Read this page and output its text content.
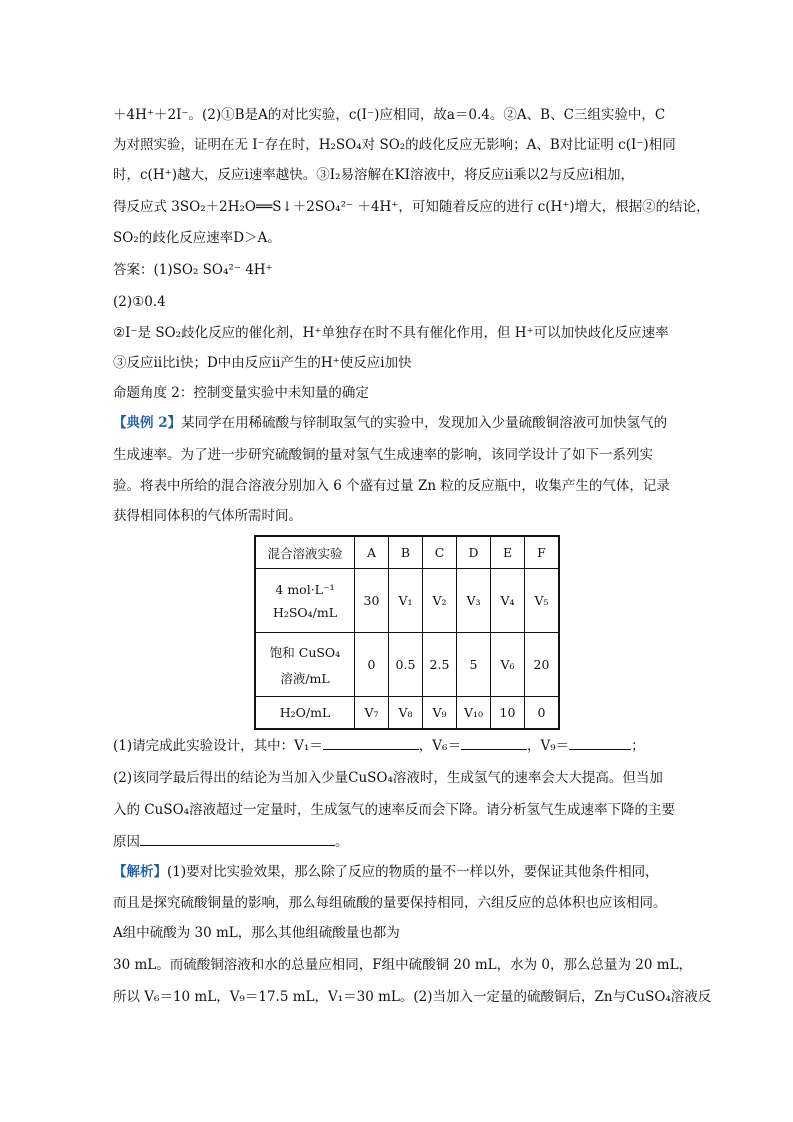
＋4H⁺＋2I⁻。(2)①B是A的对比实验，c(I⁻)应相同，故a＝0.4。②A、B、C三组实验中，C
为对照实验，证明在无 I⁻存在时，H₂SO₄对 SO₂的歧化反应无影响；A、B对比证明 c(I⁻)相同
时，c(H⁺)越大，反应ⅰ速率越快。③I₂易溶解在KI溶液中，将反应ⅱ乘以2与反应ⅰ相加，
得反应式 3SO₂＋2H₂O══S↓＋2SO₄²⁻ ＋4H⁺，可知随着反应的进行 c(H⁺)增大，根据②的结论，
SO₂的歧化反应速率D＞A。
答案：(1)SO₂ SO₄²⁻ 4H⁺
(2)①0.4
②I⁻是 SO₂歧化反应的催化剂，H⁺单独存在时不具有催化作用，但 H⁺可以加快歧化反应速率
③反应ⅱ比ⅰ快；D中由反应ⅱ产生的H⁺使反应ⅰ加快
命题角度 2：控制变量实验中未知量的确定
【典例 2】某同学在用稀硫酸与锌制取氢气的实验中，发现加入少量硫酸铜溶液可加快氢气的
生成速率。为了进一步研究硫酸铜的量对氢气生成速率的影响，该同学设计了如下一系列实
验。将表中所给的混合溶液分别加入 6 个盛有过量 Zn 粒的反应瓶中，收集产生的气体，记录
获得相同体积的气体所需时间。
混合溶液实验	A	B	C	D	E	F

4 mol·L⁻¹
H₂SO₄/mL	30	V₁	V₂	V₃	V₄	V₅

饱和 CuSO₄
溶液/mL	0	0.5	2.5	5	V₆	20
H₂O/mL	V₇	V₈	V₉	V₁₀	10	0
(1)请完成此实验设计，其中：V₁＝	，V₆＝	，V₉＝	；
(2)该同学最后得出的结论为当加入少量CuSO₄溶液时，生成氢气的速率会大大提高。但当加
入的 CuSO₄溶液超过一定量时，生成氢气的速率反而会下降。请分析氢气生成速率下降的主要
原因	。
【解析】(1)要对比实验效果，那么除了反应的物质的量不一样以外，要保证其他条件相同，
而且是探究硫酸铜量的影响，那么每组硫酸的量要保持相同，六组反应的总体积也应该相同。
A组中硫酸为 30 mL，那么其他组硫酸量也都为
30 mL。而硫酸铜溶液和水的总量应相同，F组中硫酸铜 20 mL，水为 0，那么总量为 20 mL，
所以 V₆＝10 mL，V₉＝17.5 mL，V₁＝30 mL。(2)当加入一定量的硫酸铜后，Zn与CuSO₄溶液反
